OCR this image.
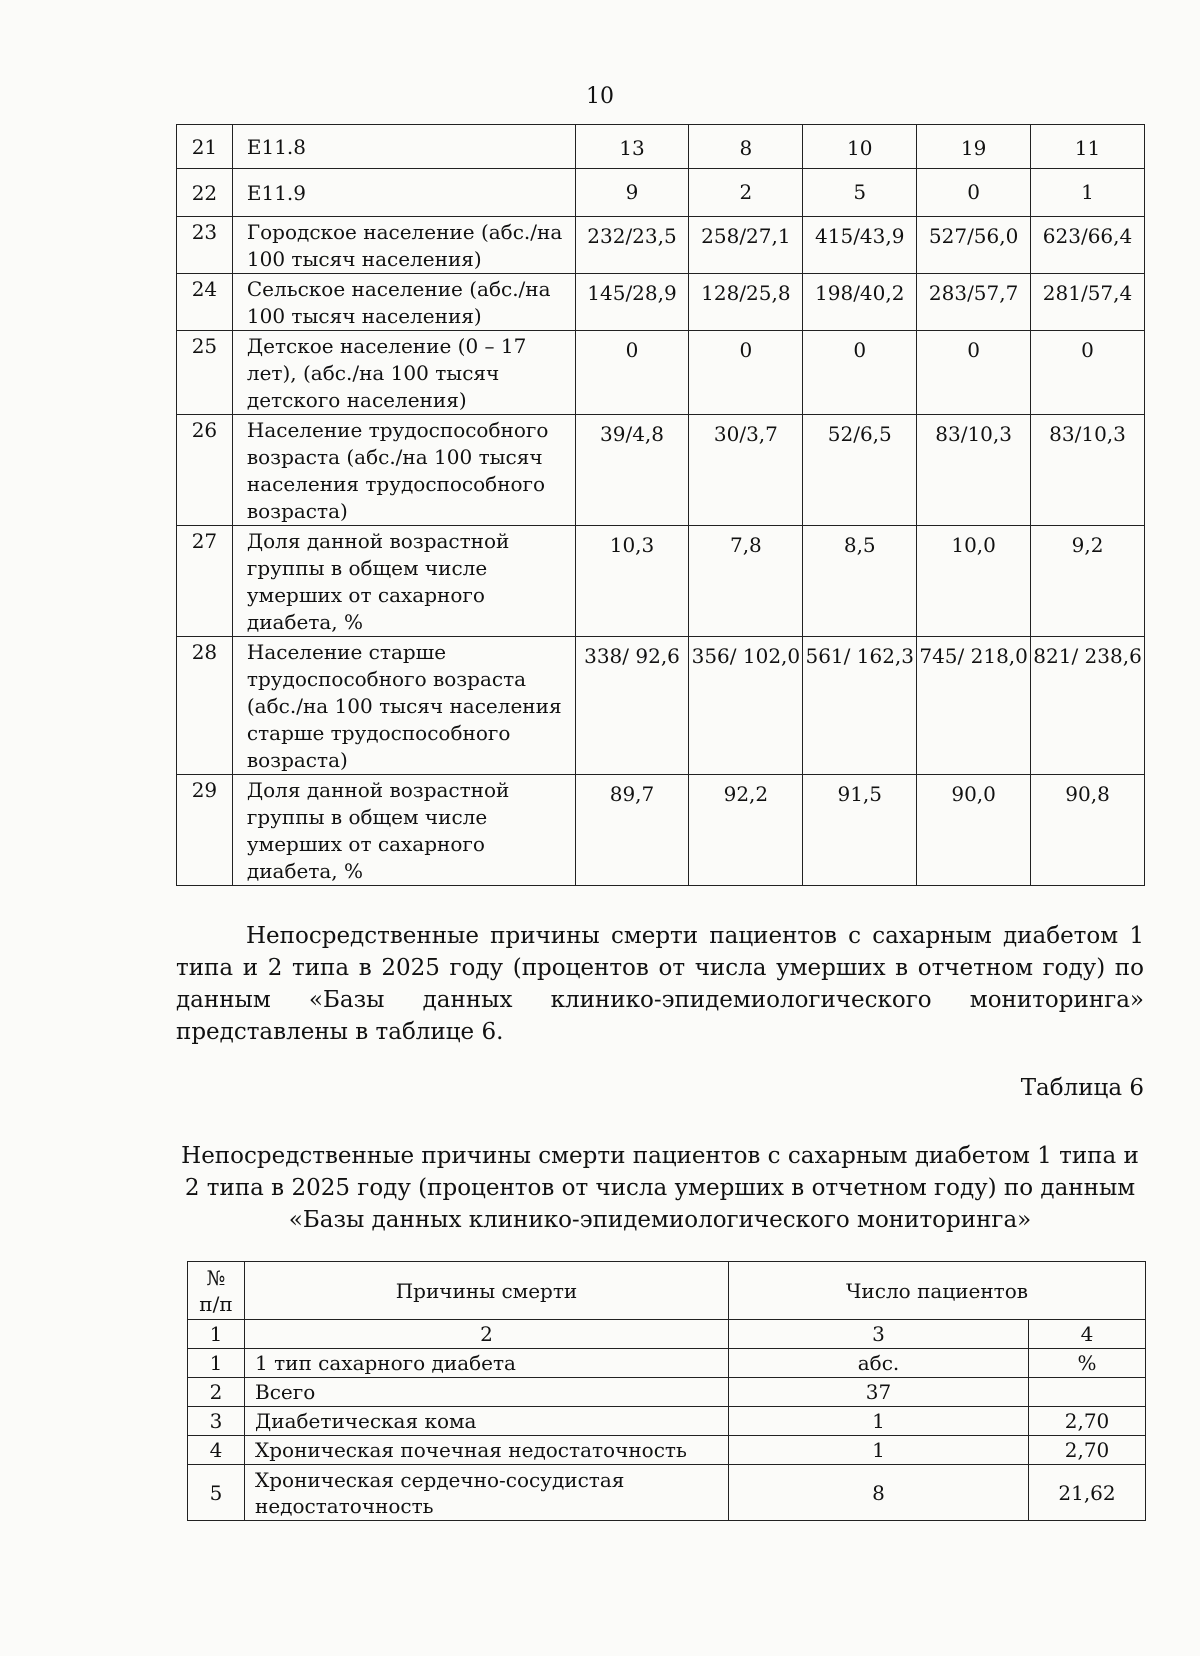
10
21	E11.8	13	8	10	19	11
22	E11.9	9	2	5	0	1
23	Городское население (абс./на 100 тысяч населения)	232/23,5	258/27,1	415/43,9	527/56,0	623/66,4
24	Сельское население (абс./на 100 тысяч населения)	145/28,9	128/25,8	198/40,2	283/57,7	281/57,4
25	Детское население (0 – 17 лет), (абс./на 100 тысяч детского населения)	0	0	0	0	0
26	Население трудоспособного возраста (абс./на 100 тысяч населения трудоспособного возраста)	39/4,8	30/3,7	52/6,5	83/10,3	83/10,3
27	Доля данной возрастной группы в общем числе умерших от сахарного диабета, %	10,3	7,8	8,5	10,0	9,2
28	Население старше трудоспособного возраста (абс./на 100 тысяч населения старше трудоспособного возраста)	338/ 92,6	356/ 102,0	561/ 162,3	745/ 218,0	821/ 238,6
29	Доля данной возрастной группы в общем числе умерших от сахарного диабета, %	89,7	92,2	91,5	90,0	90,8

Непосредственные причины смерти пациентов с сахарным диабетом 1 типа и 2 типа в 2025 году (процентов от числа умерших в отчетном году) по данным «Базы данных клинико-эпидемиологического мониторинга» представлены в таблице 6.

Таблица 6

Непосредственные причины смерти пациентов с сахарным диабетом 1 типа и 2 типа в 2025 году (процентов от числа умерших в отчетном году) по данным «Базы данных клинико-эпидемиологического мониторинга»

№ п/п	Причины смерти	Число пациентов	
1	2	3	4
1	1 тип сахарного диабета	абс.	%
2	Всего	37	
3	Диабетическая кома	1	2,70
4	Хроническая почечная недостаточность	1	2,70
5	Хроническая сердечно-сосудистая недостаточность	8	21,62
